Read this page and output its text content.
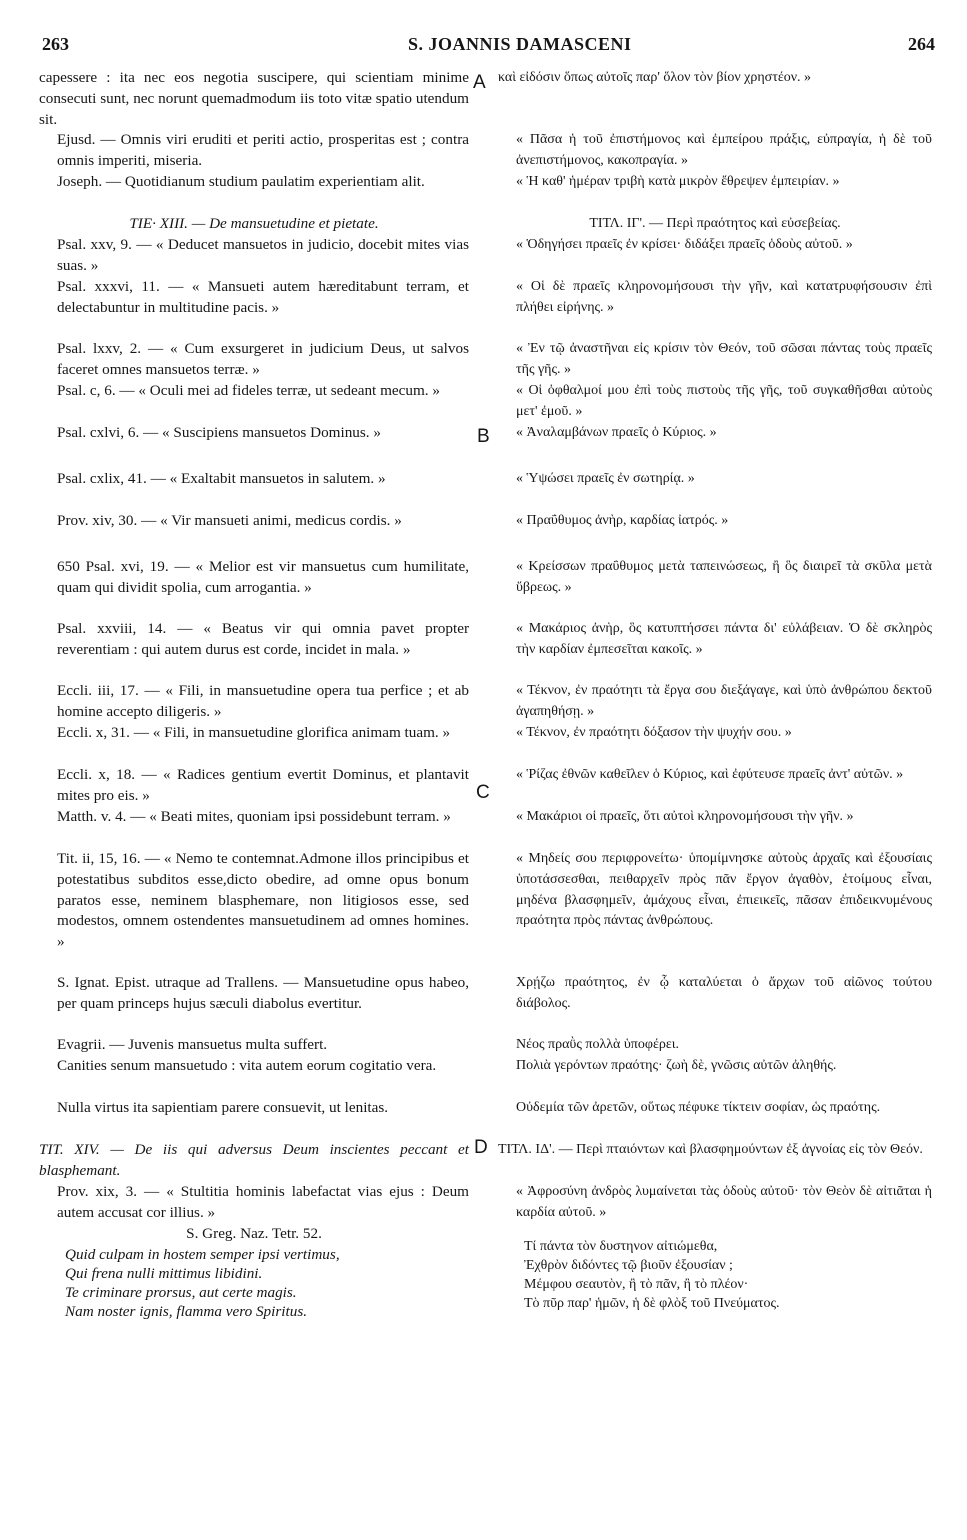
263	S. JOANNIS DAMASCENI	264
A
B
C
D
capessere : ita nec eos negotia suscipere, qui scientiam minime consecuti sunt, nec norunt quemadmodum iis toto vitæ spatio utendum sit.
Ejusd. — Omnis viri eruditi et periti actio, prosperitas est ; contra omnis imperiti, miseria.
Joseph. — Quotidianum studium paulatim experientiam alit.
TIE· XIII. — De mansuetudine et pietate.
Psal. xxv, 9. — « Deducet mansuetos in judicio, docebit mites vias suas. »
Psal. xxxvi, 11. — « Mansueti autem hæreditabunt terram, et delectabuntur in multitudine pacis. »
Psal. lxxv, 2. — « Cum exsurgeret in judicium Deus, ut salvos faceret omnes mansuetos terræ. »
Psal. c, 6. — « Oculi mei ad fideles terræ, ut sedeant mecum. »
Psal. cxlvi, 6. — « Suscipiens mansuetos Dominus. »
Psal. cxlix, 41. — « Exaltabit mansuetos in salutem. »
Prov. xiv, 30. — « Vir mansueti animi, medicus cordis. »
650 Psal. xvi, 19. — « Melior est vir mansuetus cum humilitate, quam qui dividit spolia, cum arrogantia. »
Psal. xxviii, 14. — « Beatus vir qui omnia pavet propter reverentiam : qui autem durus est corde, incidet in mala. »
Eccli. iii, 17. — « Fili, in mansuetudine opera tua perfice ; et ab homine accepto diligeris. »
Eccli. x, 31. — « Fili, in mansuetudine glorifica animam tuam. »
Eccli. x, 18. — « Radices gentium evertit Dominus, et plantavit mites pro eis. »
Matth. v. 4. — « Beati mites, quoniam ipsi possidebunt terram. »
Tit. ii, 15, 16. — « Nemo te contemnat.Admone illos principibus et potestatibus subditos esse,dicto obedire, ad omne opus bonum paratos esse, neminem blasphemare, non litigiosos esse, sed modestos, omnem ostendentes mansuetudinem ad omnes homines. »
S. Ignat. Epist. utraque ad Trallens. — Mansuetudine opus habeo, per quam princeps hujus sæculi diabolus evertitur.
Evagrii. — Juvenis mansuetus multa suffert.
Canities senum mansuetudo : vita autem eorum cogitatio vera.
Nulla virtus ita sapientiam parere consuevit, ut lenitas.
TIT. XIV. — De iis qui adversus Deum inscientes peccant et blasphemant.
Prov. xix, 3. — « Stultitia hominis labefactat vias ejus : Deum autem accusat cor illius. »
S. Greg. Naz. Tetr. 52.
Quid culpam in hostem semper ipsi vertimus,
Qui frena nulli mittimus libidini.
Te criminare prorsus, aut certe magis.
Nam noster ignis, flamma vero Spiritus.
καὶ εἰδόσιν ὅπως αὐτοῖς παρ' ὅλον τὸν βίον χρηστέον. »
« Πᾶσα ἡ τοῦ ἐπιστήμονος καὶ ἐμπείρου πράξις, εὐπραγία, ἡ δὲ τοῦ ἀνεπιστήμονος, κακοπραγία. »
« Ἡ καθ' ἡμέραν τριβὴ κατὰ μικρὸν ἔθρεψεν ἐμπειρίαν. »
ΤΙΤΛ. ΙΓ'. — Περὶ πραότητος καὶ εὐσεβείας.
« Ὁδηγήσει πραεῖς ἐν κρίσει· διδάξει πραεῖς ὁδοὺς αὐτοῦ. »
« Οἱ δὲ πραεῖς κληρονομήσουσι τὴν γῆν, καὶ κατατρυφήσουσιν ἐπὶ πλήθει εἰρήνης. »
« Ἐν τῷ ἀναστῆναι εἰς κρίσιν τὸν Θεόν, τοῦ σῶσαι πάντας τοὺς πραεῖς τῆς γῆς. »
« Οἱ ὀφθαλμοί μου ἐπὶ τοὺς πιστοὺς τῆς γῆς, τοῦ συγκαθῆσθαι αὐτοὺς μετ' ἐμοῦ. »
« Ἀναλαμβάνων πραεῖς ὁ Κύριος. »
« Ὑψώσει πραεῖς ἐν σωτηρίᾳ. »
« Πραΰθυμος ἀνὴρ, καρδίας ἰατρός. »
« Κρείσσων πραΰθυμος μετὰ ταπεινώσεως, ἢ ὃς διαιρεῖ τὰ σκῦλα μετὰ ὕβρεως. »
« Μακάριος ἀνὴρ, ὃς κατυπτήσσει πάντα δι' εὐλάβειαν. Ὁ δὲ σκληρὸς τὴν καρδίαν ἐμπεσεῖται κακοῖς. »
« Τέκνον, ἐν πραότητι τὰ ἔργα σου διεξάγαγε, καὶ ὑπὸ ἀνθρώπου δεκτοῦ ἀγαπηθήσῃ. »
« Τέκνον, ἐν πραότητι δόξασον τὴν ψυχήν σου. »
« Ῥίζας ἐθνῶν καθεῖλεν ὁ Κύριος, καὶ ἐφύτευσε πραεῖς ἀντ' αὐτῶν. »
« Μακάριοι οἱ πραεῖς, ὅτι αὐτοὶ κληρονομήσουσι τὴν γῆν. »
« Μηδείς σου περιφρονείτω· ὑπομίμνησκε αὐτοὺς ἀρχαῖς καὶ ἐξουσίαις ὑποτάσσεσθαι, πειθαρχεῖν πρὸς πᾶν ἔργον ἀγαθὸν, ἑτοίμους εἶναι, μηδένα βλασφημεῖν, ἀμάχους εἶναι, ἐπιεικεῖς, πᾶσαν ἐπιδεικνυμένους πραότητα πρὸς πάντας ἀνθρώπους.
Χρῄζω πραότητος, ἐν ᾧ καταλύεται ὁ ἄρχων τοῦ αἰῶνος τούτου διάβολος.
Νέος πραῢς πολλὰ ὑποφέρει.
Πολιὰ γερόντων πραότης· ζωὴ δὲ, γνῶσις αὐτῶν ἀληθής.
Οὐδεμία τῶν ἀρετῶν, οὕτως πέφυκε τίκτειν σοφίαν, ὡς πραότης.
ΤΙΤΛ. ΙΔ'. — Περὶ πταιόντων καὶ βλασφημούντων ἐξ ἀγνοίας εἰς τὸν Θεόν.
« Ἀφροσύνη ἀνδρὸς λυμαίνεται τὰς ὁδοὺς αὐτοῦ· τὸν Θεὸν δὲ αἰτιᾶται ἡ καρδία αὐτοῦ. »
Τί πάντα τὸν δυστηνον αἰτιώμεθα,
Ἐχθρὸν διδόντες τῷ βιοῦν ἐξουσίαν ;
Μέμφου σεαυτὸν, ἢ τὸ πᾶν, ἢ τὸ πλέον·
Τὸ πῦρ παρ' ἡμῶν, ἡ δὲ φλὸξ τοῦ Πνεύματος.
